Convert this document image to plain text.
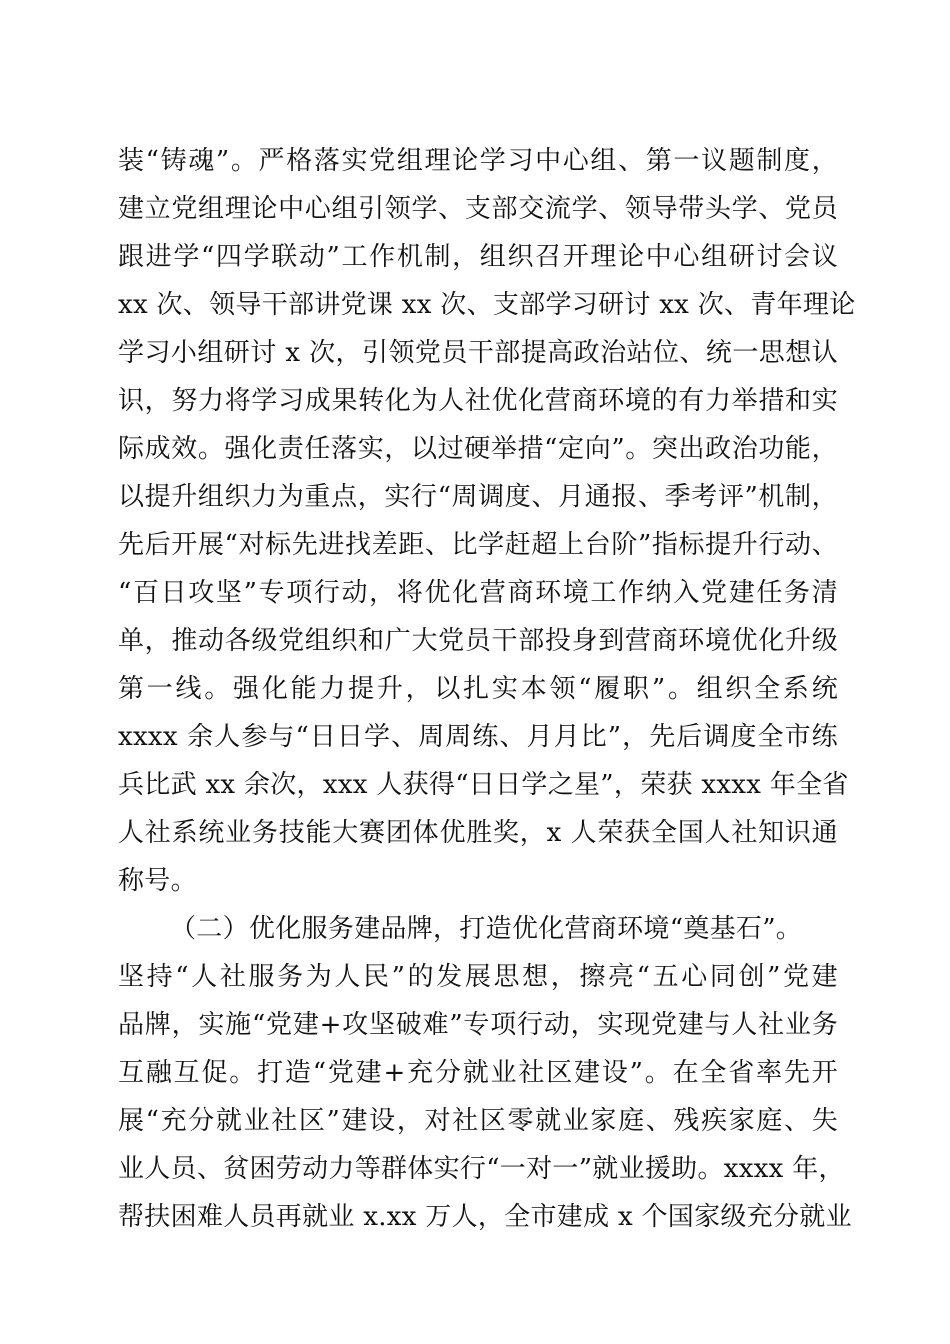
装“铸魂”。严格落实党组理论学习中心组、第一议题制度，
建立党组理论中心组引领学、支部交流学、领导带头学、党员
跟进学“四学联动”工作机制，组织召开理论中心组研讨会议
xx 次、领导干部讲党课 xx 次、支部学习研讨 xx 次、青年理论
学习小组研讨 x 次，引领党员干部提高政治站位、统一思想认
识，努力将学习成果转化为人社优化营商环境的有力举措和实
际成效。强化责任落实，以过硬举措“定向”。突出政治功能，
以提升组织力为重点，实行“周调度、月通报、季考评”机制，
先后开展“对标先进找差距、比学赶超上台阶”指标提升行动、
“百日攻坚”专项行动，将优化营商环境工作纳入党建任务清
单，推动各级党组织和广大党员干部投身到营商环境优化升级
第一线。强化能力提升，以扎实本领“履职”。组织全系统
xxxx 余人参与“日日学、周周练、月月比”，先后调度全市练
兵比武 xx 余次，xxx 人获得“日日学之星”，荣获 xxxx 年全省
人社系统业务技能大赛团体优胜奖，x 人荣获全国人社知识通
称号。
（二）优化服务建品牌，打造优化营商环境“奠基石”。
坚持“人社服务为人民”的发展思想，擦亮“五心同创”党建
品牌，实施“党建+攻坚破难”专项行动，实现党建与人社业务
互融互促。打造“党建+充分就业社区建设”。在全省率先开
展“充分就业社区”建设，对社区零就业家庭、残疾家庭、失
业人员、贫困劳动力等群体实行“一对一”就业援助。xxxx 年，
帮扶困难人员再就业 x.xx 万人，全市建成 x 个国家级充分就业
